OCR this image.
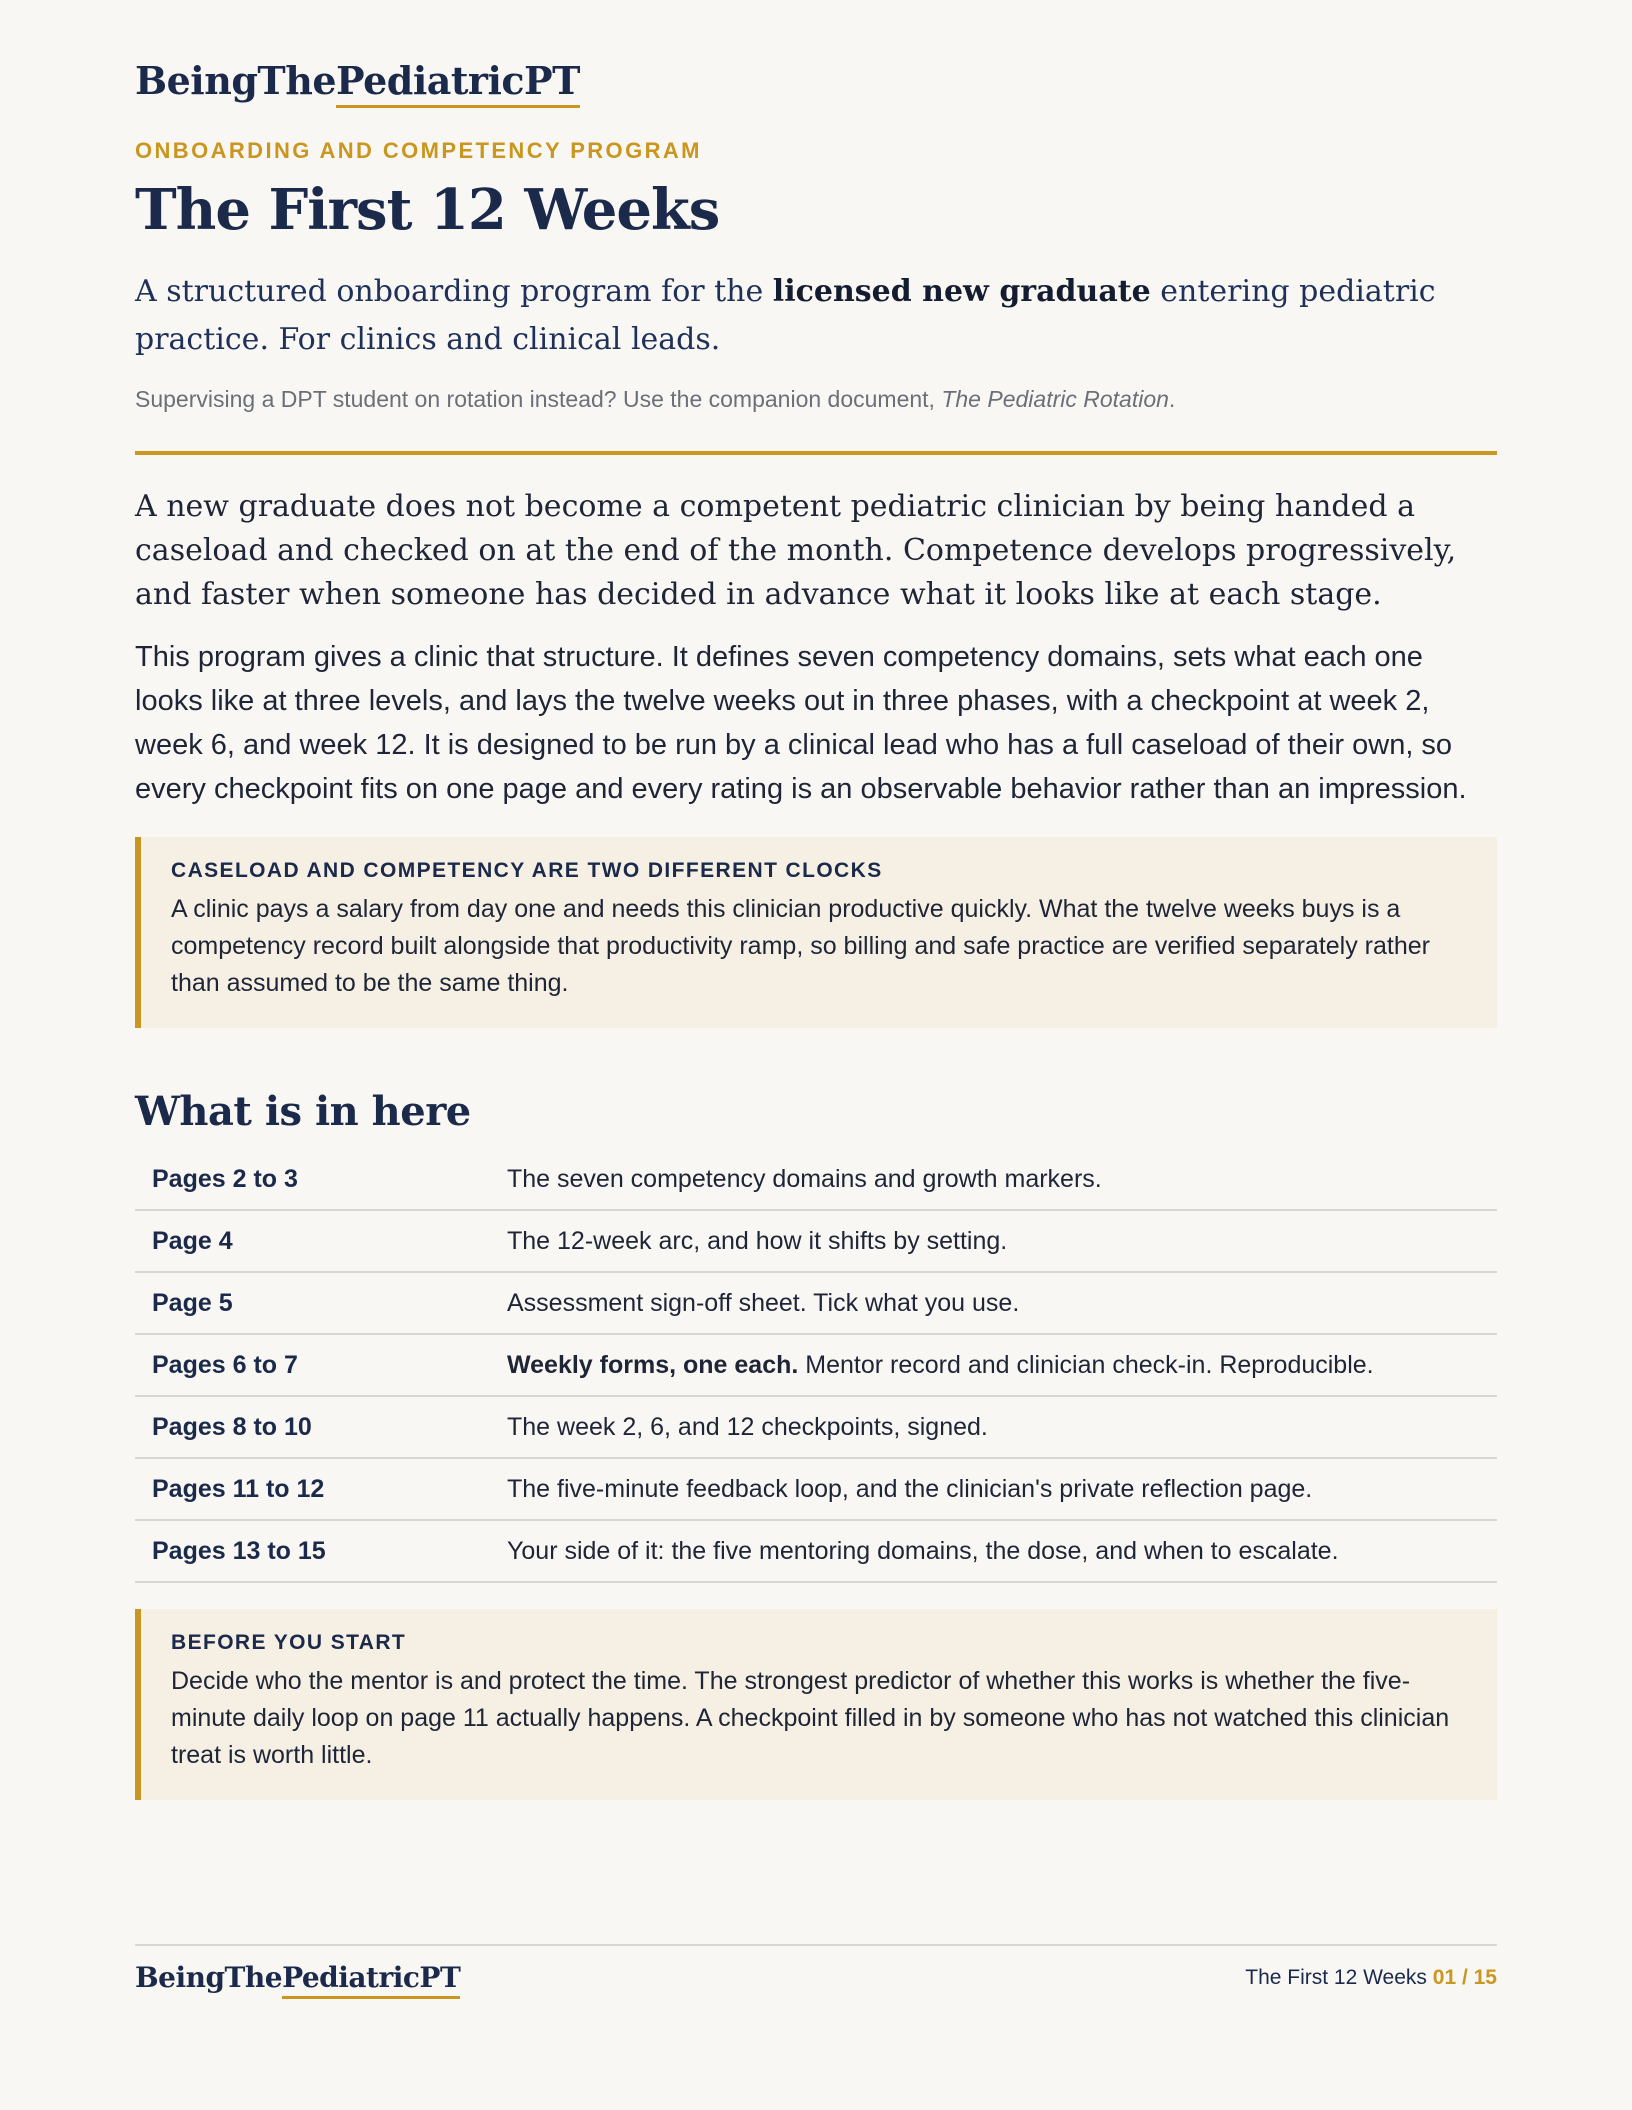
BeingThePediatricPT
ONBOARDING AND COMPETENCY PROGRAM
The First 12 Weeks
A structured onboarding program for the licensed new graduate entering pediatric practice. For clinics and clinical leads.
Supervising a DPT student on rotation instead? Use the companion document, The Pediatric Rotation.

A new graduate does not become a competent pediatric clinician by being handed a caseload and checked on at the end of the month. Competence develops progressively, and faster when someone has decided in advance what it looks like at each stage.

This program gives a clinic that structure. It defines seven competency domains, sets what each one looks like at three levels, and lays the twelve weeks out in three phases, with a checkpoint at week 2, week 6, and week 12. It is designed to be run by a clinical lead who has a full caseload of their own, so every checkpoint fits on one page and every rating is an observable behavior rather than an impression.

CASELOAD AND COMPETENCY ARE TWO DIFFERENT CLOCKS
A clinic pays a salary from day one and needs this clinician productive quickly. What the twelve weeks buys is a competency record built alongside that productivity ramp, so billing and safe practice are verified separately rather than assumed to be the same thing.
What is in here
Pages 2 to 3	The seven competency domains and growth markers.
Page 4	The 12-week arc, and how it shifts by setting.
Page 5	Assessment sign-off sheet. Tick what you use.
Pages 6 to 7	Weekly forms, one each. Mentor record and clinician check-in. Reproducible.
Pages 8 to 10	The week 2, 6, and 12 checkpoints, signed.
Pages 11 to 12	The five-minute feedback loop, and the clinician's private reflection page.
Pages 13 to 15	Your side of it: the five mentoring domains, the dose, and when to escalate.
BEFORE YOU START
Decide who the mentor is and protect the time. The strongest predictor of whether this works is whether the five-minute daily loop on page 11 actually happens. A checkpoint filled in by someone who has not watched this clinician treat is worth little.
BeingThePediatricPT	The First 12 Weeks 01 / 15
